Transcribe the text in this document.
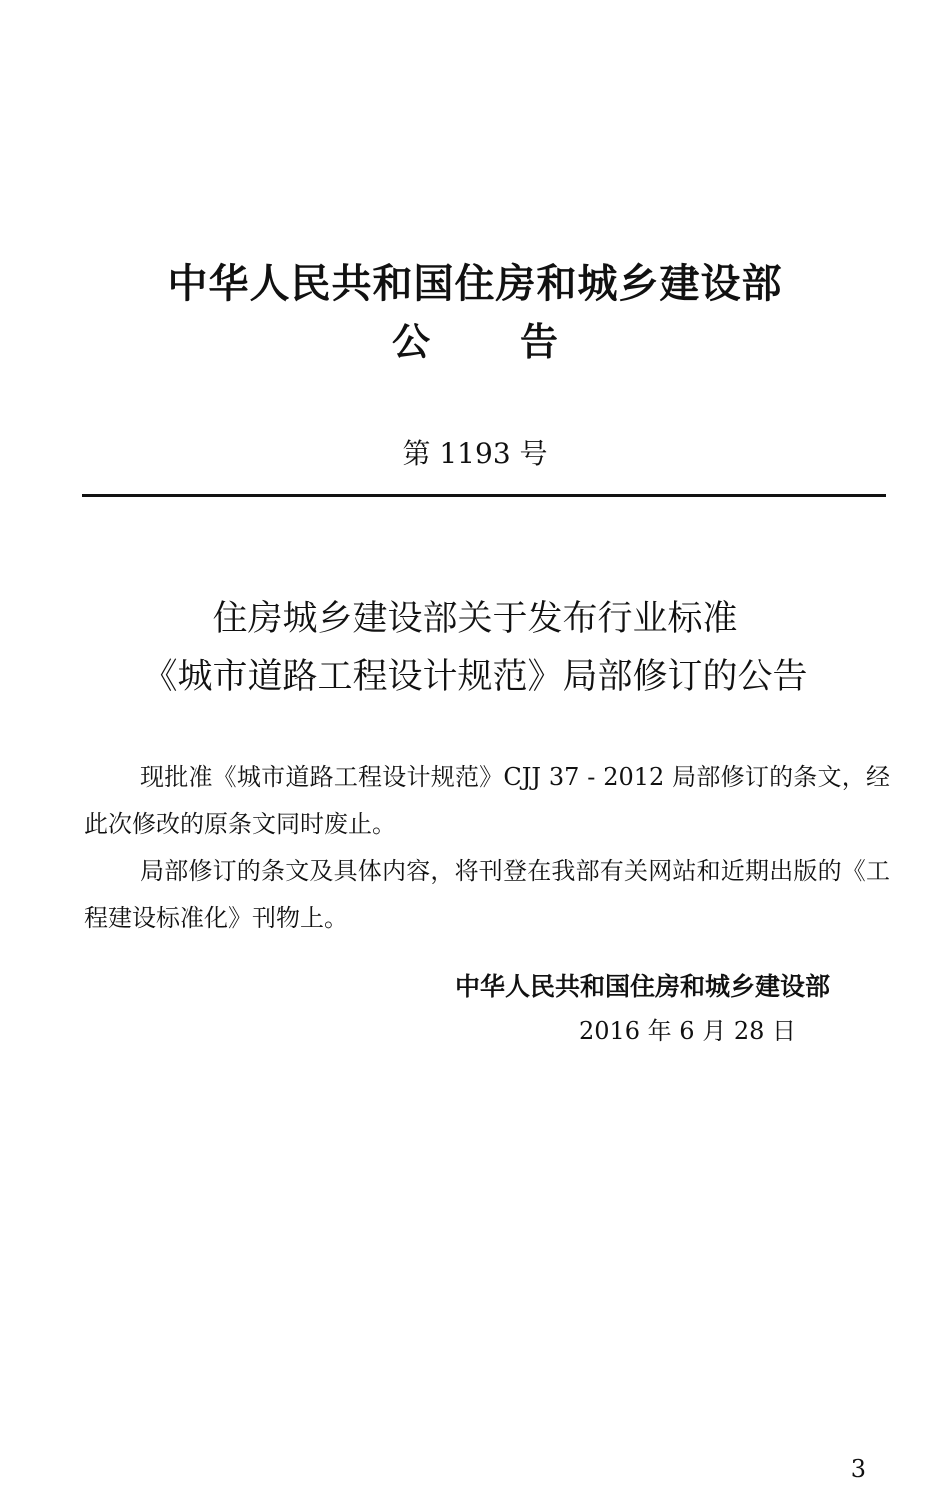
中华人民共和国住房和城乡建设部
公告
第 1193 号
住房城乡建设部关于发布行业标准
《城市道路工程设计规范》局部修订的公告

现批准《城市道路工程设计规范》CJJ 37 - 2012 局部修订的条文，经此次修改的原条文同时废止。

局部修订的条文及具体内容，将刊登在我部有关网站和近期出版的《工程建设标准化》刊物上。

中华人民共和国住房和城乡建设部
2016 年 6 月 28 日
3
